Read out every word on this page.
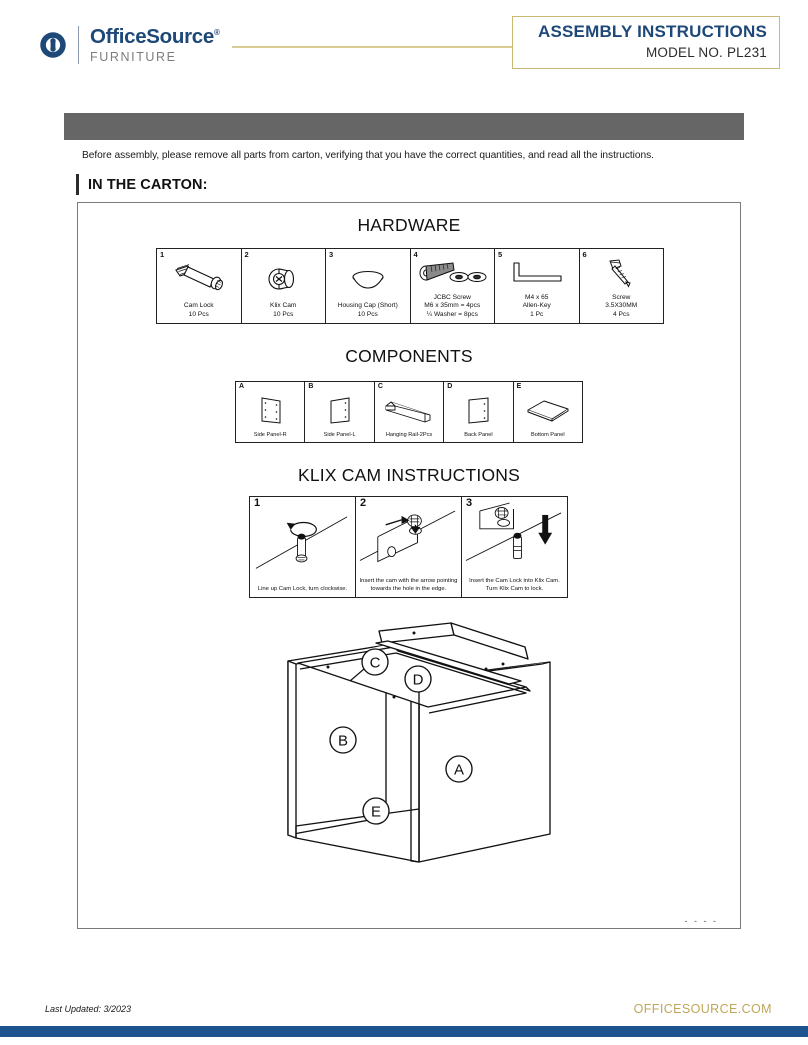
OfficeSource®
FURNITURE
ASSEMBLY INSTRUCTIONS
MODEL NO. PL231
Before assembly, please remove all parts from carton, verifying that you have the correct quantities, and read all the instructions.
IN THE CARTON:
HARDWARE
1
Cam Lock
10 Pcs
2
Klix Cam
10 Pcs
3
Housing Cap (Short)
10 Pcs
4
JCBC Screw
M6 x 35mm = 4pcs
¼ Washer = 8pcs
5
M4 x 65
Allen-Key
1 Pc
6
Screw
3.5X30MM
4 Pcs
COMPONENTS
A
Side Panel-R
B
Side Panel-L
C
Hanging Rail-2Pcs
D
Back Panel
E
Bottom Panel
KLIX CAM INSTRUCTIONS
1
Line up Cam Lock, turn clockwise.
2
Insert the cam with the arrow pointing towards the hole in the edge.
3
Insert the Cam Lock into Klix Cam. Turn Klix Cam to lock.
C
D
B
A
E
- - - -
Last Updated: 3/2023	OFFICESOURCE.COM
